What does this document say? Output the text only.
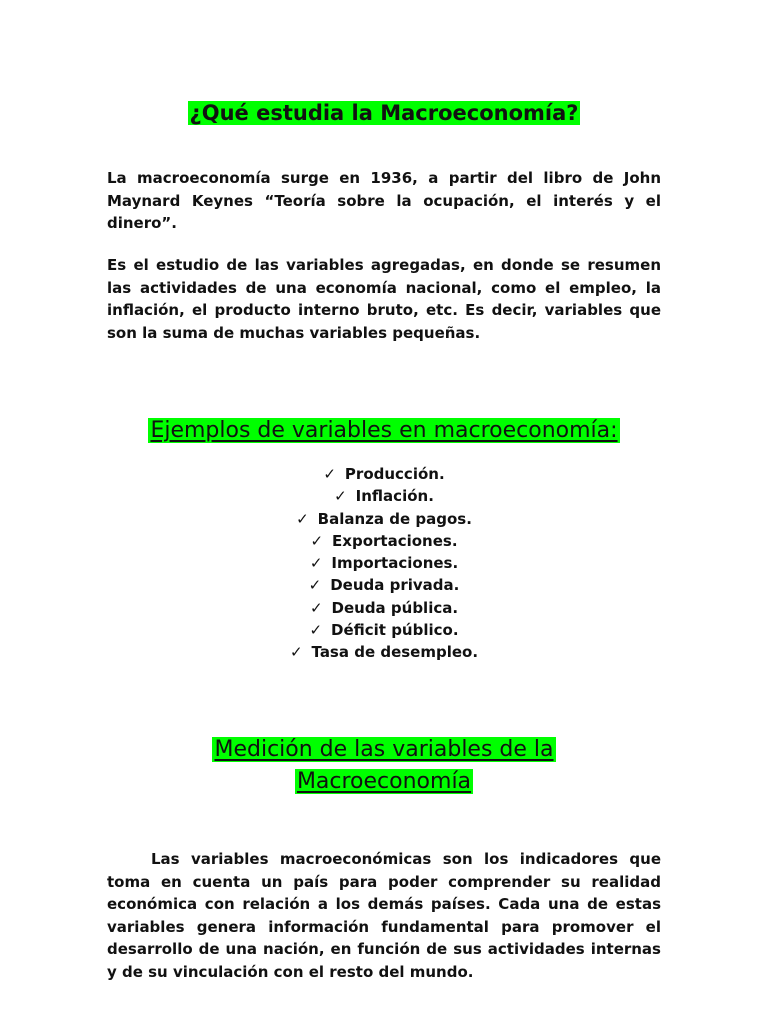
¿Qué estudia la Macroeconomía?

La macroeconomía surge en 1936, a partir del libro de John Maynard Keynes “Teoría sobre la ocupación, el interés y el dinero”.

Es el estudio de las variables agregadas, en donde se resumen las actividades de una economía nacional, como el empleo, la inflación, el producto interno bruto, etc. Es decir, variables que son la suma de muchas variables pequeñas.

Ejemplos de variables en macroeconomía:
✓ Producción.
✓ Inflación.
✓ Balanza de pagos.
✓ Exportaciones.
✓ Importaciones.
✓ Deuda privada.
✓ Deuda pública.
✓ Déficit público.
✓ Tasa de desempleo.
Medición de las variables de la
Macroeconomía

Las variables macroeconómicas son los indicadores que toma en cuenta un país para poder comprender su realidad económica con relación a los demás países. Cada una de estas variables genera información fundamental para promover el desarrollo de una nación, en función de sus actividades internas y de su vinculación con el resto del mundo.
